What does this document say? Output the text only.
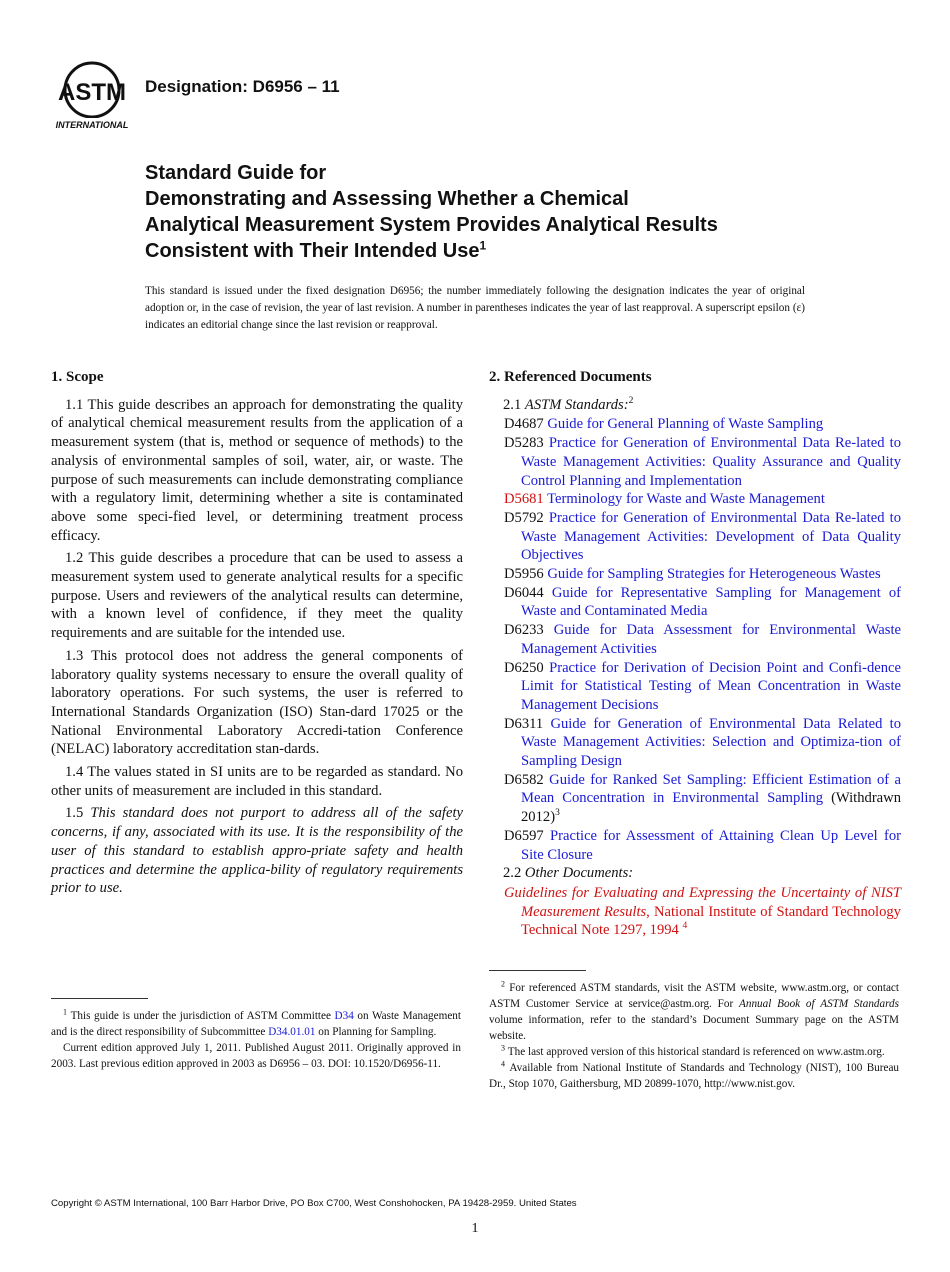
ASTM
INTERNATIONAL
Designation: D6956 – 11
Standard Guide for
Demonstrating and Assessing Whether a Chemical
Analytical Measurement System Provides Analytical Results
Consistent with Their Intended Use$^1$
This standard is issued under the fixed designation D6956; the number immediately following the designation indicates the year of original adoption or, in the case of revision, the year of last revision. A number in parentheses indicates the year of last reapproval. A superscript epsilon (ε) indicates an editorial change since the last revision or reapproval.
1. Scope

1.1 This guide describes an approach for demonstrating the quality of analytical chemical measurement results from the application of a measurement system (that is, method or sequence of methods) to the analysis of environmental samples of soil, water, air, or waste. The purpose of such measurements can include demonstrating compliance with a regulatory limit, determining whether a site is contaminated above some speci-fied level, or determining treatment process efficacy.

1.2 This guide describes a procedure that can be used to assess a measurement system used to generate analytical results for a specific purpose. Users and reviewers of the analytical results can determine, with a known level of confidence, if they meet the quality requirements and are suitable for the intended use.

1.3 This protocol does not address the general components of laboratory quality systems necessary to ensure the overall quality of laboratory operations. For such systems, the user is referred to International Standards Organization (ISO) Stan-dard 17025 or the National Environmental Laboratory Accredi-tation Conference (NELAC) laboratory accreditation stan-dards.

1.4 The values stated in SI units are to be regarded as standard. No other units of measurement are included in this standard.

1.5 This standard does not purport to address all of the safety concerns, if any, associated with its use. It is the responsibility of the user of this standard to establish appro-priate safety and health practices and determine the applica-bility of regulatory requirements prior to use.

2. Referenced Documents
2.1 ASTM Standards:$^2$
D4687 Guide for General Planning of Waste Sampling
D5283 Practice for Generation of Environmental Data Re-lated to Waste Management Activities: Quality Assurance and Quality Control Planning and Implementation
D5681 Terminology for Waste and Waste Management
D5792 Practice for Generation of Environmental Data Re-lated to Waste Management Activities: Development of Data Quality Objectives
D5956 Guide for Sampling Strategies for Heterogeneous Wastes
D6044 Guide for Representative Sampling for Management of Waste and Contaminated Media
D6233 Guide for Data Assessment for Environmental Waste Management Activities
D6250 Practice for Derivation of Decision Point and Confi-dence Limit for Statistical Testing of Mean Concentration in Waste Management Decisions
D6311 Guide for Generation of Environmental Data Related to Waste Management Activities: Selection and Optimiza-tion of Sampling Design
D6582 Guide for Ranked Set Sampling: Efficient Estimation of a Mean Concentration in Environmental Sampling (Withdrawn 2012)$^3$
D6597 Practice for Assessment of Attaining Clean Up Level for Site Closure
2.2 Other Documents:
Guidelines for Evaluating and Expressing the Uncertainty of NIST Measurement Results, National Institute of Standard Technology Technical Note 1297, 1994 $^4$

$^1$ This guide is under the jurisdiction of ASTM Committee D34 on Waste Management and is the direct responsibility of Subcommittee D34.01.01 on Planning for Sampling.

Current edition approved July 1, 2011. Published August 2011. Originally approved in 2003. Last previous edition approved in 2003 as D6956 – 03. DOI: 10.1520/D6956-11.

$^2$ For referenced ASTM standards, visit the ASTM website, www.astm.org, or contact ASTM Customer Service at service@astm.org. For Annual Book of ASTM Standards volume information, refer to the standard’s Document Summary page on the ASTM website.

$^3$ The last approved version of this historical standard is referenced on www.astm.org.

$^4$ Available from National Institute of Standards and Technology (NIST), 100 Bureau Dr., Stop 1070, Gaithersburg, MD 20899-1070, http://www.nist.gov.

Copyright © ASTM International, 100 Barr Harbor Drive, PO Box C700, West Conshohocken, PA 19428-2959. United States
1
